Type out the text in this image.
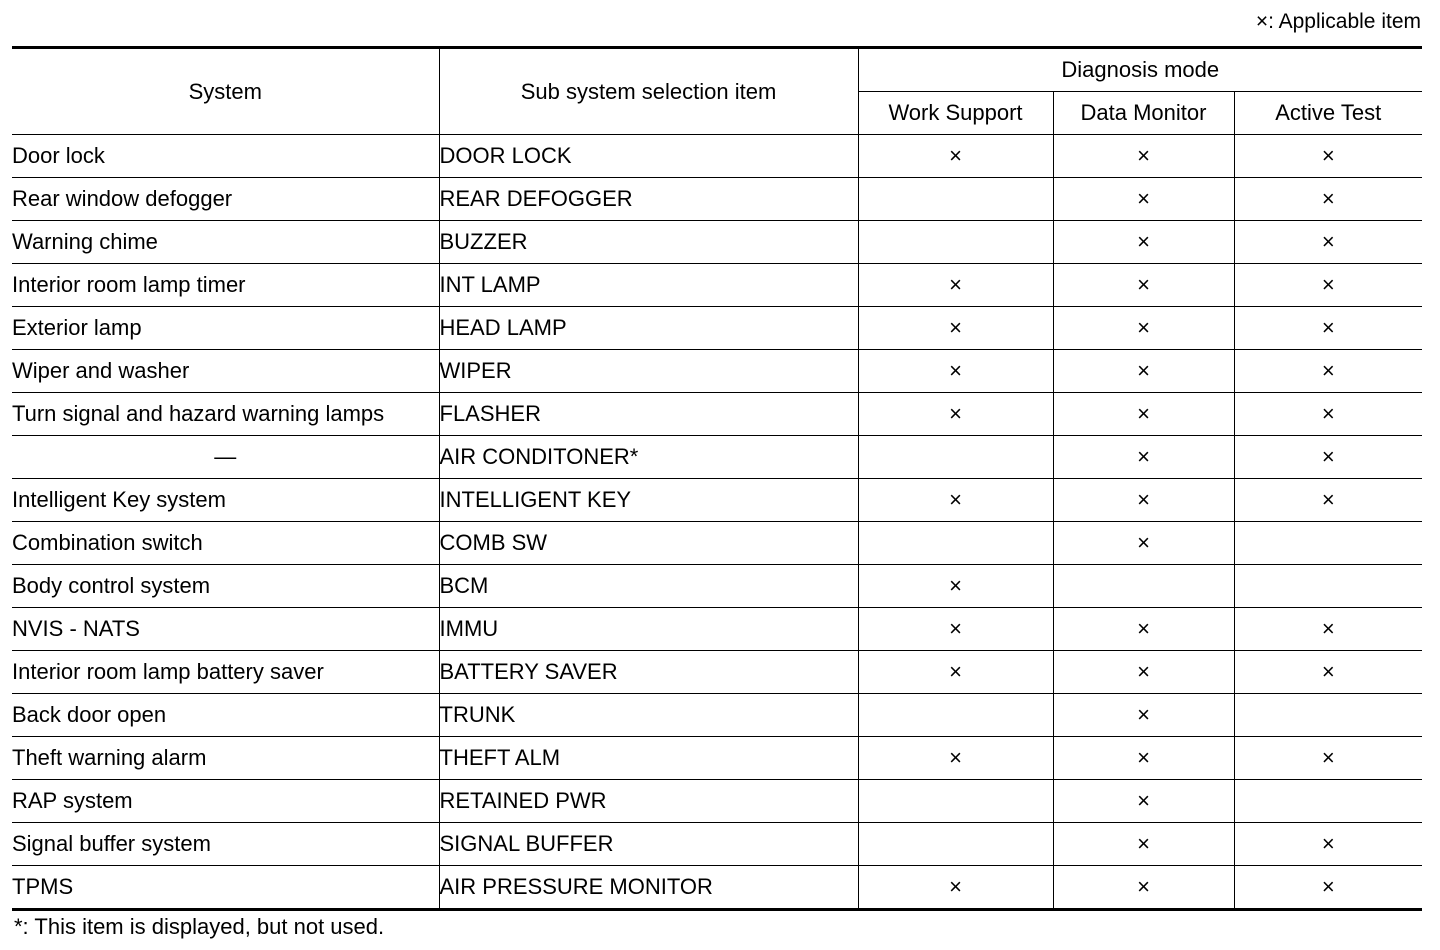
×: Applicable item
System	Sub system selection item	Diagnosis mode		
		Work Support	Data Monitor	Active Test
Door lock	DOOR LOCK	×	×	×
Rear window defogger	REAR DEFOGGER		×	×
Warning chime	BUZZER		×	×
Interior room lamp timer	INT LAMP	×	×	×
Exterior lamp	HEAD LAMP	×	×	×
Wiper and washer	WIPER	×	×	×
Turn signal and hazard warning lamps	FLASHER	×	×	×
—	AIR CONDITONER*		×	×
Intelligent Key system	INTELLIGENT KEY	×	×	×
Combination switch	COMB SW		×	
Body control system	BCM	×		
NVIS - NATS	IMMU	×	×	×
Interior room lamp battery saver	BATTERY SAVER	×	×	×
Back door open	TRUNK		×	
Theft warning alarm	THEFT ALM	×	×	×
RAP system	RETAINED PWR		×	
Signal buffer system	SIGNAL BUFFER		×	×
TPMS	AIR PRESSURE MONITOR	×	×	×
*: This item is displayed, but not used.
